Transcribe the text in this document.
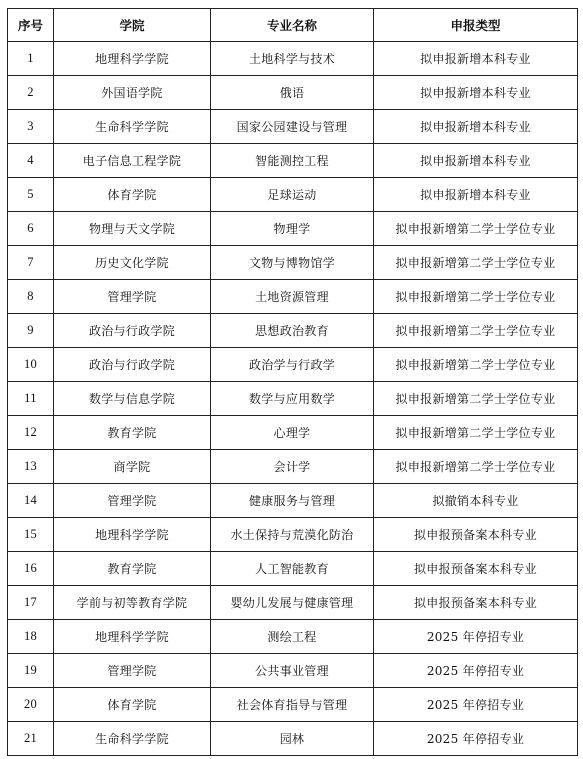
序号	学院	专业名称	申报类型
1	地理科学学院	土地科学与技术	拟申报新增本科专业
2	外国语学院	俄语	拟申报新增本科专业
3	生命科学学院	国家公园建设与管理	拟申报新增本科专业
4	电子信息工程学院	智能测控工程	拟申报新增本科专业
5	体育学院	足球运动	拟申报新增本科专业
6	物理与天文学院	物理学	拟申报新增第二学士学位专业
7	历史文化学院	文物与博物馆学	拟申报新增第二学士学位专业
8	管理学院	土地资源管理	拟申报新增第二学士学位专业
9	政治与行政学院	思想政治教育	拟申报新增第二学士学位专业
10	政治与行政学院	政治学与行政学	拟申报新增第二学士学位专业
11	数学与信息学院	数学与应用数学	拟申报新增第二学士学位专业
12	教育学院	心理学	拟申报新增第二学士学位专业
13	商学院	会计学	拟申报新增第二学士学位专业
14	管理学院	健康服务与管理	拟撤销本科专业
15	地理科学学院	水土保持与荒漠化防治	拟申报预备案本科专业
16	教育学院	人工智能教育	拟申报预备案本科专业
17	学前与初等教育学院	婴幼儿发展与健康管理	拟申报预备案本科专业
18	地理科学学院	测绘工程	2025 年停招专业
19	管理学院	公共事业管理	2025 年停招专业
20	体育学院	社会体育指导与管理	2025 年停招专业
21	生命科学学院	园林	2025 年停招专业
